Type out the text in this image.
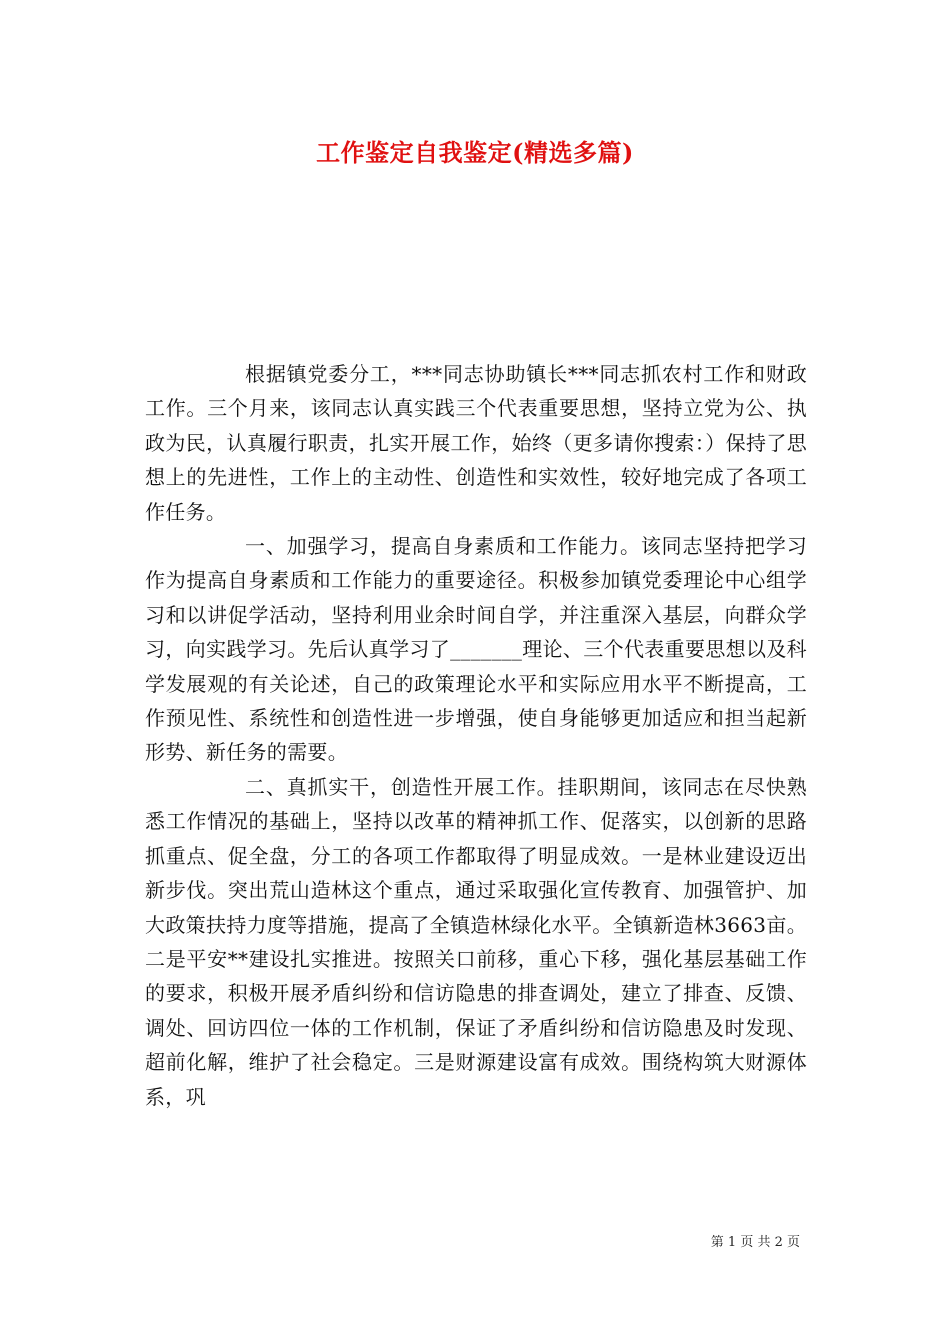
工作鉴定自我鉴定(精选多篇)

根据镇党委分工，***同志协助镇长***同志抓农村工作和财政工作。三个月来，该同志认真实践三个代表重要思想，坚持立党为公、执政为民，认真履行职责，扎实开展工作，始终（更多请你搜索：）保持了思想上的先进性，工作上的主动性、创造性和实效性，较好地完成了各项工作任务。

一、加强学习，提高自身素质和工作能力。该同志坚持把学习作为提高自身素质和工作能力的重要途径。积极参加镇党委理论中心组学习和以讲促学活动，坚持利用业余时间自学，并注重深入基层，向群众学习，向实践学习。先后认真学习了_______理论、三个代表重要思想以及科学发展观的有关论述，自己的政策理论水平和实际应用水平不断提高，工作预见性、系统性和创造性进一步增强，使自身能够更加适应和担当起新形势、新任务的需要。

二、真抓实干，创造性开展工作。挂职期间，该同志在尽快熟悉工作情况的基础上，坚持以改革的精神抓工作、促落实，以创新的思路抓重点、促全盘，分工的各项工作都取得了明显成效。一是林业建设迈出新步伐。突出荒山造林这个重点，通过采取强化宣传教育、加强管护、加大政策扶持力度等措施，提高了全镇造林绿化水平。全镇新造林3663亩。二是平安**建设扎实推进。按照关口前移，重心下移，强化基层基础工作的要求，积极开展矛盾纠纷和信访隐患的排查调处，建立了排查、反馈、调处、回访四位一体的工作机制，保证了矛盾纠纷和信访隐患及时发现、超前化解，维护了社会稳定。三是财源建设富有成效。围绕构筑大财源体系，巩

第 1 页 共 2 页
